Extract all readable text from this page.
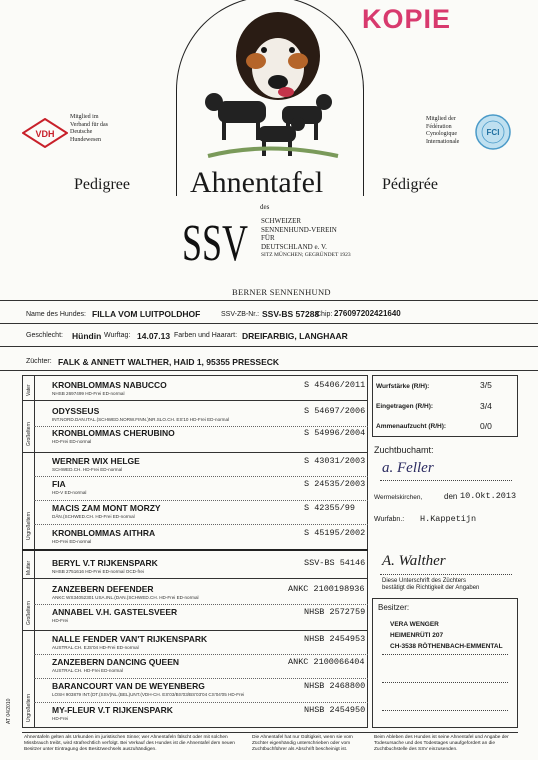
KOPIE
VDH
Mitglied im
Verband für das
Deutsche
Hundewesen
Mitglied der
Fédération
Cynologique
Internationale
FCI
Pedigree Ahnentafel	Pédigrée
des
SSV SCHWEIZER
SENNENHUND-VEREIN
FÜR
DEUTSCHLAND e. V.
SITZ MÜNCHEN; GEGRÜNDET 1923
BERNER SENNENHUND
Name des Hundes: FILLA VOM LUITPOLDHOF	SSV-ZB-Nr.: SSV-BS 57288
Chip: 276097202421640
Geschlecht: Hündin Wurftag: 14.07.13 Farben und Haarart: DREIFARBIG, LANGHAAR
Züchter: FALK & ANNETT WALTHER, HAID 1, 95355 PRESSECK
Vater
Großeltern
Urgroßeltern
Mutter
Großeltern
Urgroßeltern
AT 04/2010
KRONBLOMMAS NABUCCO	S 45406/2011
NHSB 2697499 HD-Frei ED-normal
ODYSSEUS	S 54697/2006
INT.NORD.DAN.ITAL.(SCHWED.NORW.FINN.)NR.SLO.CH. ES'10 HD-Frei ED-normal
KRONBLOMMAS CHERUBINO	S 54996/2004
HD-Frei ED-normal
WERNER WIX HELGE	S 43031/2003
SCHWED.CH. HD-Frei ED-normal
FIA	S 24535/2003
HD-V ED-normal
MACIS ZAM MONT MORZY	S 42355/99
DÄN.(SCHWED.CH. HD-Frei ED-normal
KRONBLOMMAS AITHRA	S 45195/2002
HD-Frei ED-normal
BERYL V.T RIJKENSPARK	SSV-BS 54146
NHSB 2751616 HD-Frei ED-normal OCD-frei
ZANZEBERN DEFENDER	ANKC 2100198936
ANKC WS34052301 USA.INL.(DAN.(SCHWED.CH. HD-Frei ED-normal
ANNABEL V.H. GASTELSVEER	NHSB 2572759
HD-Frei
NALLE FENDER VAN'T RIJKENSPARK	NHSB 2454953
AUSTRAL.CH. EJS'04 HD-Frei ED-normal
ZANZEBERN DANCING QUEEN	ANKC 2100066404
AUSTRAL.CH. HD-Frei ED-normal
BARANCOURT VAN DE WEYENBERG	NHSB 2468800
LOSH 903879 INT.(DT.(SSV)NL.(BEL)UNT.(VDH-CH. ES'03/BS'03/BS'03'04 CS'04'05 HD-Frei
MY-FLEUR V.T RIJKENSPARK	NHSB 2454950
HD-Frei
Wurfstärke (R/H):	3/5
Eingetragen (R/H):	3/4
Ammenaufzucht (R/H):	0/0
Zuchtbuchamt:
a. Feller
Wermelskirchen,	den 10.Okt.2013
Wurfabn.: H.Kappetijn
A. Walther
Diese Unterschrift des Züchters
bestätigt die Richtigkeit der Angaben
Besitzer:
VERA WENGER
HEIMENRÜTI 207
CH-3538 RÖTHENBACH-EMMENTAL
Ahnentafeln gelten als Urkunden im juristischen Sinne; wer Ahnentafeln fälscht oder mit solchen Missbrauch treibt, wird strafrechtlich verfolgt. Bei Verkauf des Hundes ist die Ahnentafel dem neuen Besitzer unter Eintragung des Besitzwechsels auszuhändigen.
Die Ahnentafel hat nur Gültigkeit, wenn sie vom Züchter eigenhändig unterschrieben oder vom Zuchtbuchführer als Abschrift bescheinigt ist.
Beim Ableben des Hundes ist seine Ahnentafel und Angabe der Todesursache und des Todestages unaufgefordert an die Zuchtbuchstelle des SSV einzusenden.
